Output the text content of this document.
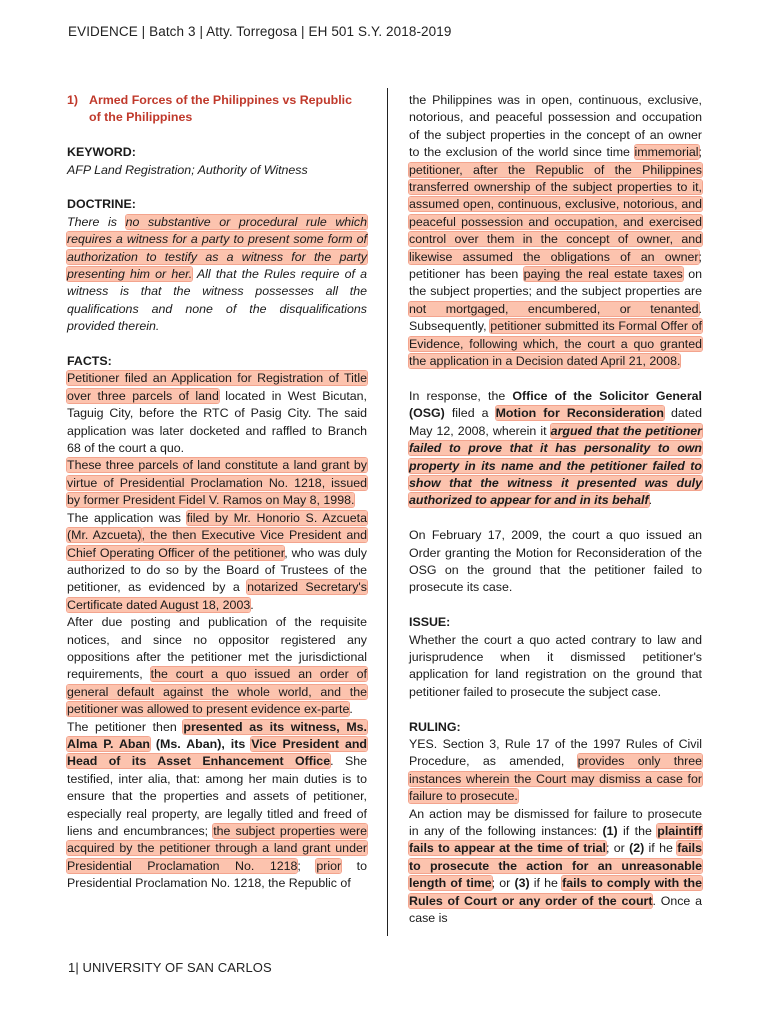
EVIDENCE | Batch 3 | Atty. Torregosa | EH 501 S.Y. 2018-2019
1) Armed Forces of the Philippines vs Republic of the Philippines

KEYWORD:

AFP Land Registration; Authority of Witness

DOCTRINE:

There is no substantive or procedural rule which requires a witness for a party to present some form of authorization to testify as a witness for the party presenting him or her. All that the Rules require of a witness is that the witness possesses all the qualifications and none of the disqualifications provided therein.

FACTS:

Petitioner filed an Application for Registration of Title over three parcels of land located in West Bicutan, Taguig City, before the RTC of Pasig City. The said application was later docketed and raffled to Branch 68 of the court a quo.

These three parcels of land constitute a land grant by virtue of Presidential Proclamation No. 1218, issued by former President Fidel V. Ramos on May 8, 1998.

The application was filed by Mr. Honorio S. Azcueta (Mr. Azcueta), the then Executive Vice President and Chief Operating Officer of the petitioner, who was duly authorized to do so by the Board of Trustees of the petitioner, as evidenced by a notarized Secretary's Certificate dated August 18, 2003.

After due posting and publication of the requisite notices, and since no oppositor registered any oppositions after the petitioner met the jurisdictional requirements, the court a quo issued an order of general default against the whole world, and the petitioner was allowed to present evidence ex-parte.

The petitioner then presented as its witness, Ms. Alma P. Aban (Ms. Aban), its Vice President and Head of its Asset Enhancement Office. She testified, inter alia, that: among her main duties is to ensure that the properties and assets of petitioner, especially real property, are legally titled and freed of liens and encumbrances; the subject properties were acquired by the petitioner through a land grant under Presidential Proclamation No. 1218; prior to Presidential Proclamation No. 1218, the Republic of

the Philippines was in open, continuous, exclusive, notorious, and peaceful possession and occupation of the subject properties in the concept of an owner to the exclusion of the world since time immemorial; petitioner, after the Republic of the Philippines transferred ownership of the subject properties to it, assumed open, continuous, exclusive, notorious, and peaceful possession and occupation, and exercised control over them in the concept of owner, and likewise assumed the obligations of an owner; petitioner has been paying the real estate taxes on the subject properties; and the subject properties are not mortgaged, encumbered, or tenanted. Subsequently, petitioner submitted its Formal Offer of Evidence, following which, the court a quo granted the application in a Decision dated April 21, 2008.

In response, the Office of the Solicitor General (OSG) filed a Motion for Reconsideration dated May 12, 2008, wherein it argued that the petitioner failed to prove that it has personality to own property in its name and the petitioner failed to show that the witness it presented was duly authorized to appear for and in its behalf.

On February 17, 2009, the court a quo issued an Order granting the Motion for Reconsideration of the OSG on the ground that the petitioner failed to prosecute its case.

ISSUE:

Whether the court a quo acted contrary to law and jurisprudence when it dismissed petitioner's application for land registration on the ground that petitioner failed to prosecute the subject case.

RULING:

YES. Section 3, Rule 17 of the 1997 Rules of Civil Procedure, as amended, provides only three instances wherein the Court may dismiss a case for failure to prosecute.

An action may be dismissed for failure to prosecute in any of the following instances: (1) if the plaintiff fails to appear at the time of trial; or (2) if he fails to prosecute the action for an unreasonable length of time; or (3) if he fails to comply with the Rules of Court or any order of the court. Once a case is

1| UNIVERSITY OF SAN CARLOS
